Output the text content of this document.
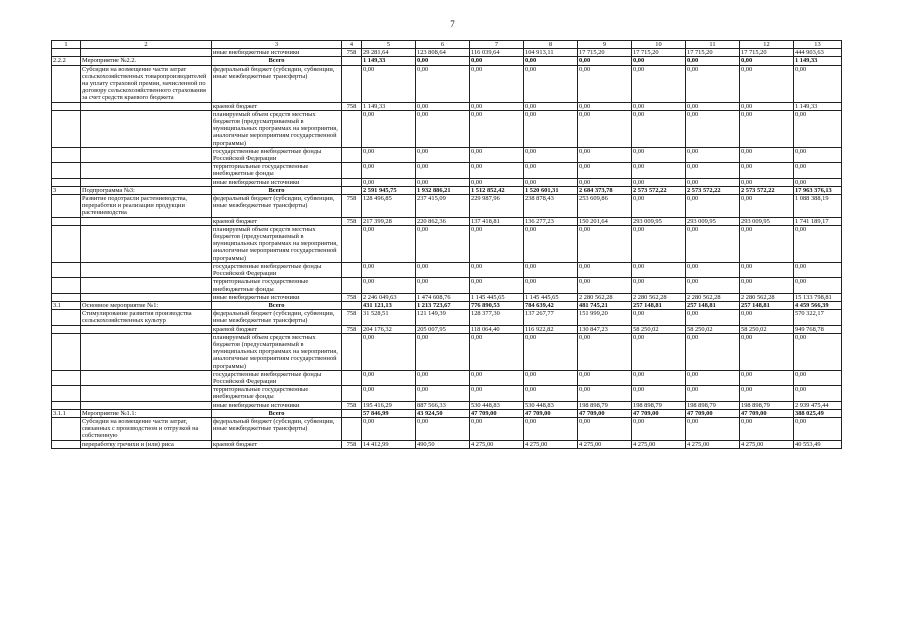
7
1	2	3	4	5	6	7	8	9	10	11	12	13
		иные внебюджетные источники	758	29 281,64	123 808,64	116 039,64	104 913,11	17 715,20	17 715,20	17 715,20	17 715,20	444 903,63
2.2.2	Мероприятие №2.2.	Всего		1 149,33	0,00	0,00	0,00	0,00	0,00	0,00	0,00	1 149,33
	Субсидии на возмещение части затрат сельскохозяйственных товаропроизводителей на уплату страховой премии, начисленной по договору сельскохозяйственного страхования за счет средств краевого бюджета	федеральный бюджет (субсидии, субвенции, иные межбюджетные трансферты)		0,00	0,00	0,00	0,00	0,00	0,00	0,00	0,00	0,00
		краевой бюджет	758	1 149,33	0,00	0,00	0,00	0,00	0,00	0,00	0,00	1 149,33
		планируемый объем средств местных бюджетов (предусматриваемый в муниципальных программах на мероприятия, аналогичные мероприятиям государственной программы)		0,00	0,00	0,00	0,00	0,00	0,00	0,00	0,00	0,00
		государственные внебюджетные фонды Российской Федерации		0,00	0,00	0,00	0,00	0,00	0,00	0,00	0,00	0,00
		территориальные государственные внебюджетные фонды		0,00	0,00	0,00	0,00	0,00	0,00	0,00	0,00	0,00
		иные внебюджетные источники		0,00	0,00	0,00	0,00	0,00	0,00	0,00	0,00	0,00
3	Подпрограмма №3:	Всего		2 591 945,75	1 932 886,21	1 512 852,42	1 520 601,31	2 684 373,78	2 573 572,22	2 573 572,22	2 573 572,22	17 963 376,13
	Развитие подотрасли растениеводства, переработки и реализации продукции растениеводства	федеральный бюджет (субсидии, субвенции, иные межбюджетные трансферты)	758	128 496,85	237 415,09	229 987,96	238 878,43	253 609,86	0,00	0,00	0,00	1 088 388,19
		краевой бюджет	758	217 399,28	220 862,36	137 418,81	136 277,23	150 201,64	293 009,95	293 009,95	293 009,95	1 741 189,17
		планируемый объем средств местных бюджетов (предусматриваемый в муниципальных программах на мероприятия, аналогичные мероприятиям государственной программы)		0,00	0,00	0,00	0,00	0,00	0,00	0,00	0,00	0,00
		государственные внебюджетные фонды Российской Федерации		0,00	0,00	0,00	0,00	0,00	0,00	0,00	0,00	0,00
		территориальные государственные внебюджетные фонды		0,00	0,00	0,00	0,00	0,00	0,00	0,00	0,00	0,00
		иные внебюджетные источники	758	2 246 049,63	1 474 608,76	1 145 445,65	1 145 445,65	2 280 562,28	2 280 562,28	2 280 562,28	2 280 562,28	15 133 798,81
3.1	Основное мероприятие №1:	Всего		431 121,13	1 213 723,67	776 890,53	784 639,42	481 745,21	257 148,81	257 148,81	257 148,81	4 459 566,39
	Стимулирование развития производства сельскохозяйственных культур	федеральный бюджет (субсидии, субвенции, иные межбюджетные трансферты)	758	31 528,51	121 149,39	128 377,30	137 267,77	151 999,20	0,00	0,00	0,00	570 322,17
		краевой бюджет	758	204 176,32	205 007,95	118 064,40	116 922,82	130 847,23	58 250,02	58 250,02	58 250,02	949 768,78
		планируемый объем средств местных бюджетов (предусматриваемый в муниципальных программах на мероприятия, аналогичные мероприятиям государственной программы)		0,00	0,00	0,00	0,00	0,00	0,00	0,00	0,00	0,00
		государственные внебюджетные фонды Российской Федерации		0,00	0,00	0,00	0,00	0,00	0,00	0,00	0,00	0,00
		территориальные государственные внебюджетные фонды		0,00	0,00	0,00	0,00	0,00	0,00	0,00	0,00	0,00
		иные внебюджетные источники	758	195 416,29	887 566,33	530 448,83	530 448,83	198 898,79	198 898,79	198 898,79	198 898,79	2 939 475,44
3.1.1	Мероприятие №1.1:	Всего		57 846,99	43 924,50	47 709,00	47 709,00	47 709,00	47 709,00	47 709,00	47 709,00	388 025,49
	Субсидии на возмещение части затрат, связанных с производством и отгрузкой на собственную	федеральный бюджет (субсидии, субвенции, иные межбюджетные трансферты)		0,00	0,00	0,00	0,00	0,00	0,00	0,00	0,00	0,00
	переработку гречихи и (или) риса	краевой бюджет	758	14 412,99	490,50	4 275,00	4 275,00	4 275,00	4 275,00	4 275,00	4 275,00	40 553,49
